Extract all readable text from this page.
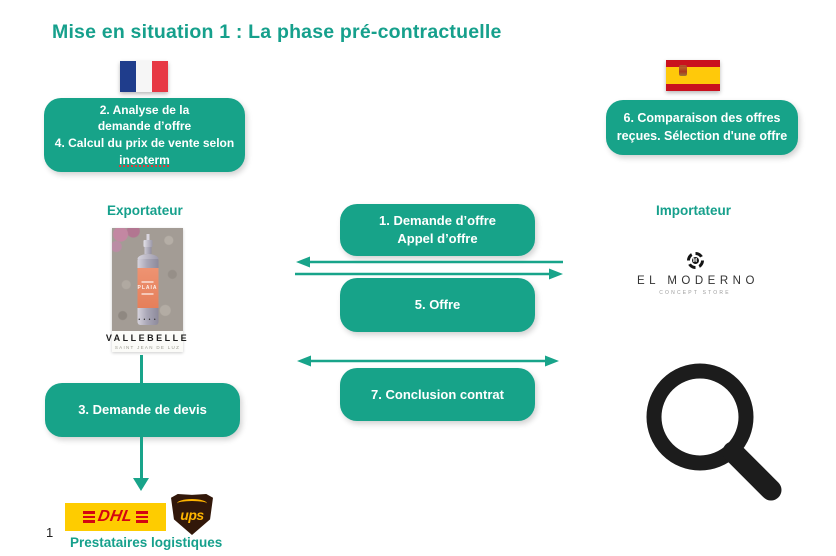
Mise en situation 1 : La phase pré-contractuelle
2. Analyse de la
demande d’offre
4. Calcul du prix de vente selon
incoterm
6. Comparaison des offres
reçues. Sélection d'une offre
Exportateur	Importateur
PLAIA
• • • •
VALLEBELLE
SAINT JEAN DE LUZ
M
EL MODERNO
CONCEPT STORE
1. Demande d’offre
Appel d’offre
5. Offre
7. Conclusion contrat
3. Demande de devis
DHL	ups
Prestataires logistiques
1
